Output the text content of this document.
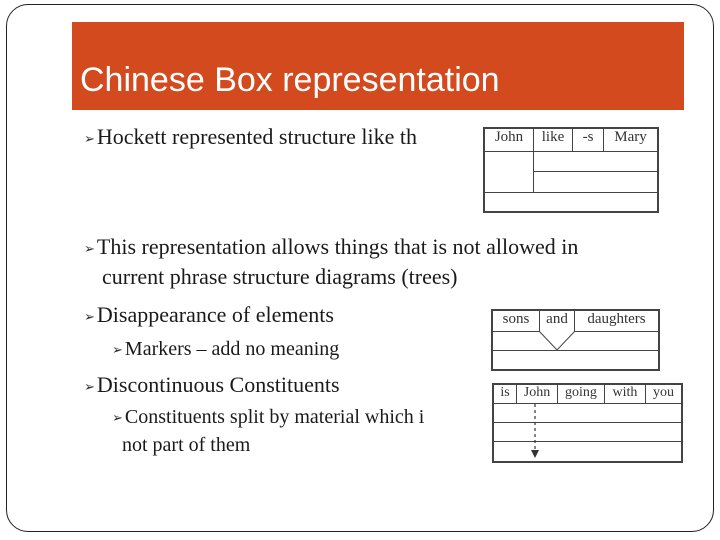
Chinese Box representation
➢Hockett represented structure like th	John	like	-s	Mary
➢This representation allows things that is not allowed in
current phrase structure diagrams (trees)
➢Disappearance of elements	sons	and	daughters
➢ Markers – add no meaning
➢Discontinuous Constituents	is	John	going	with	you
➢ Constituents split by material which i
not part of them
